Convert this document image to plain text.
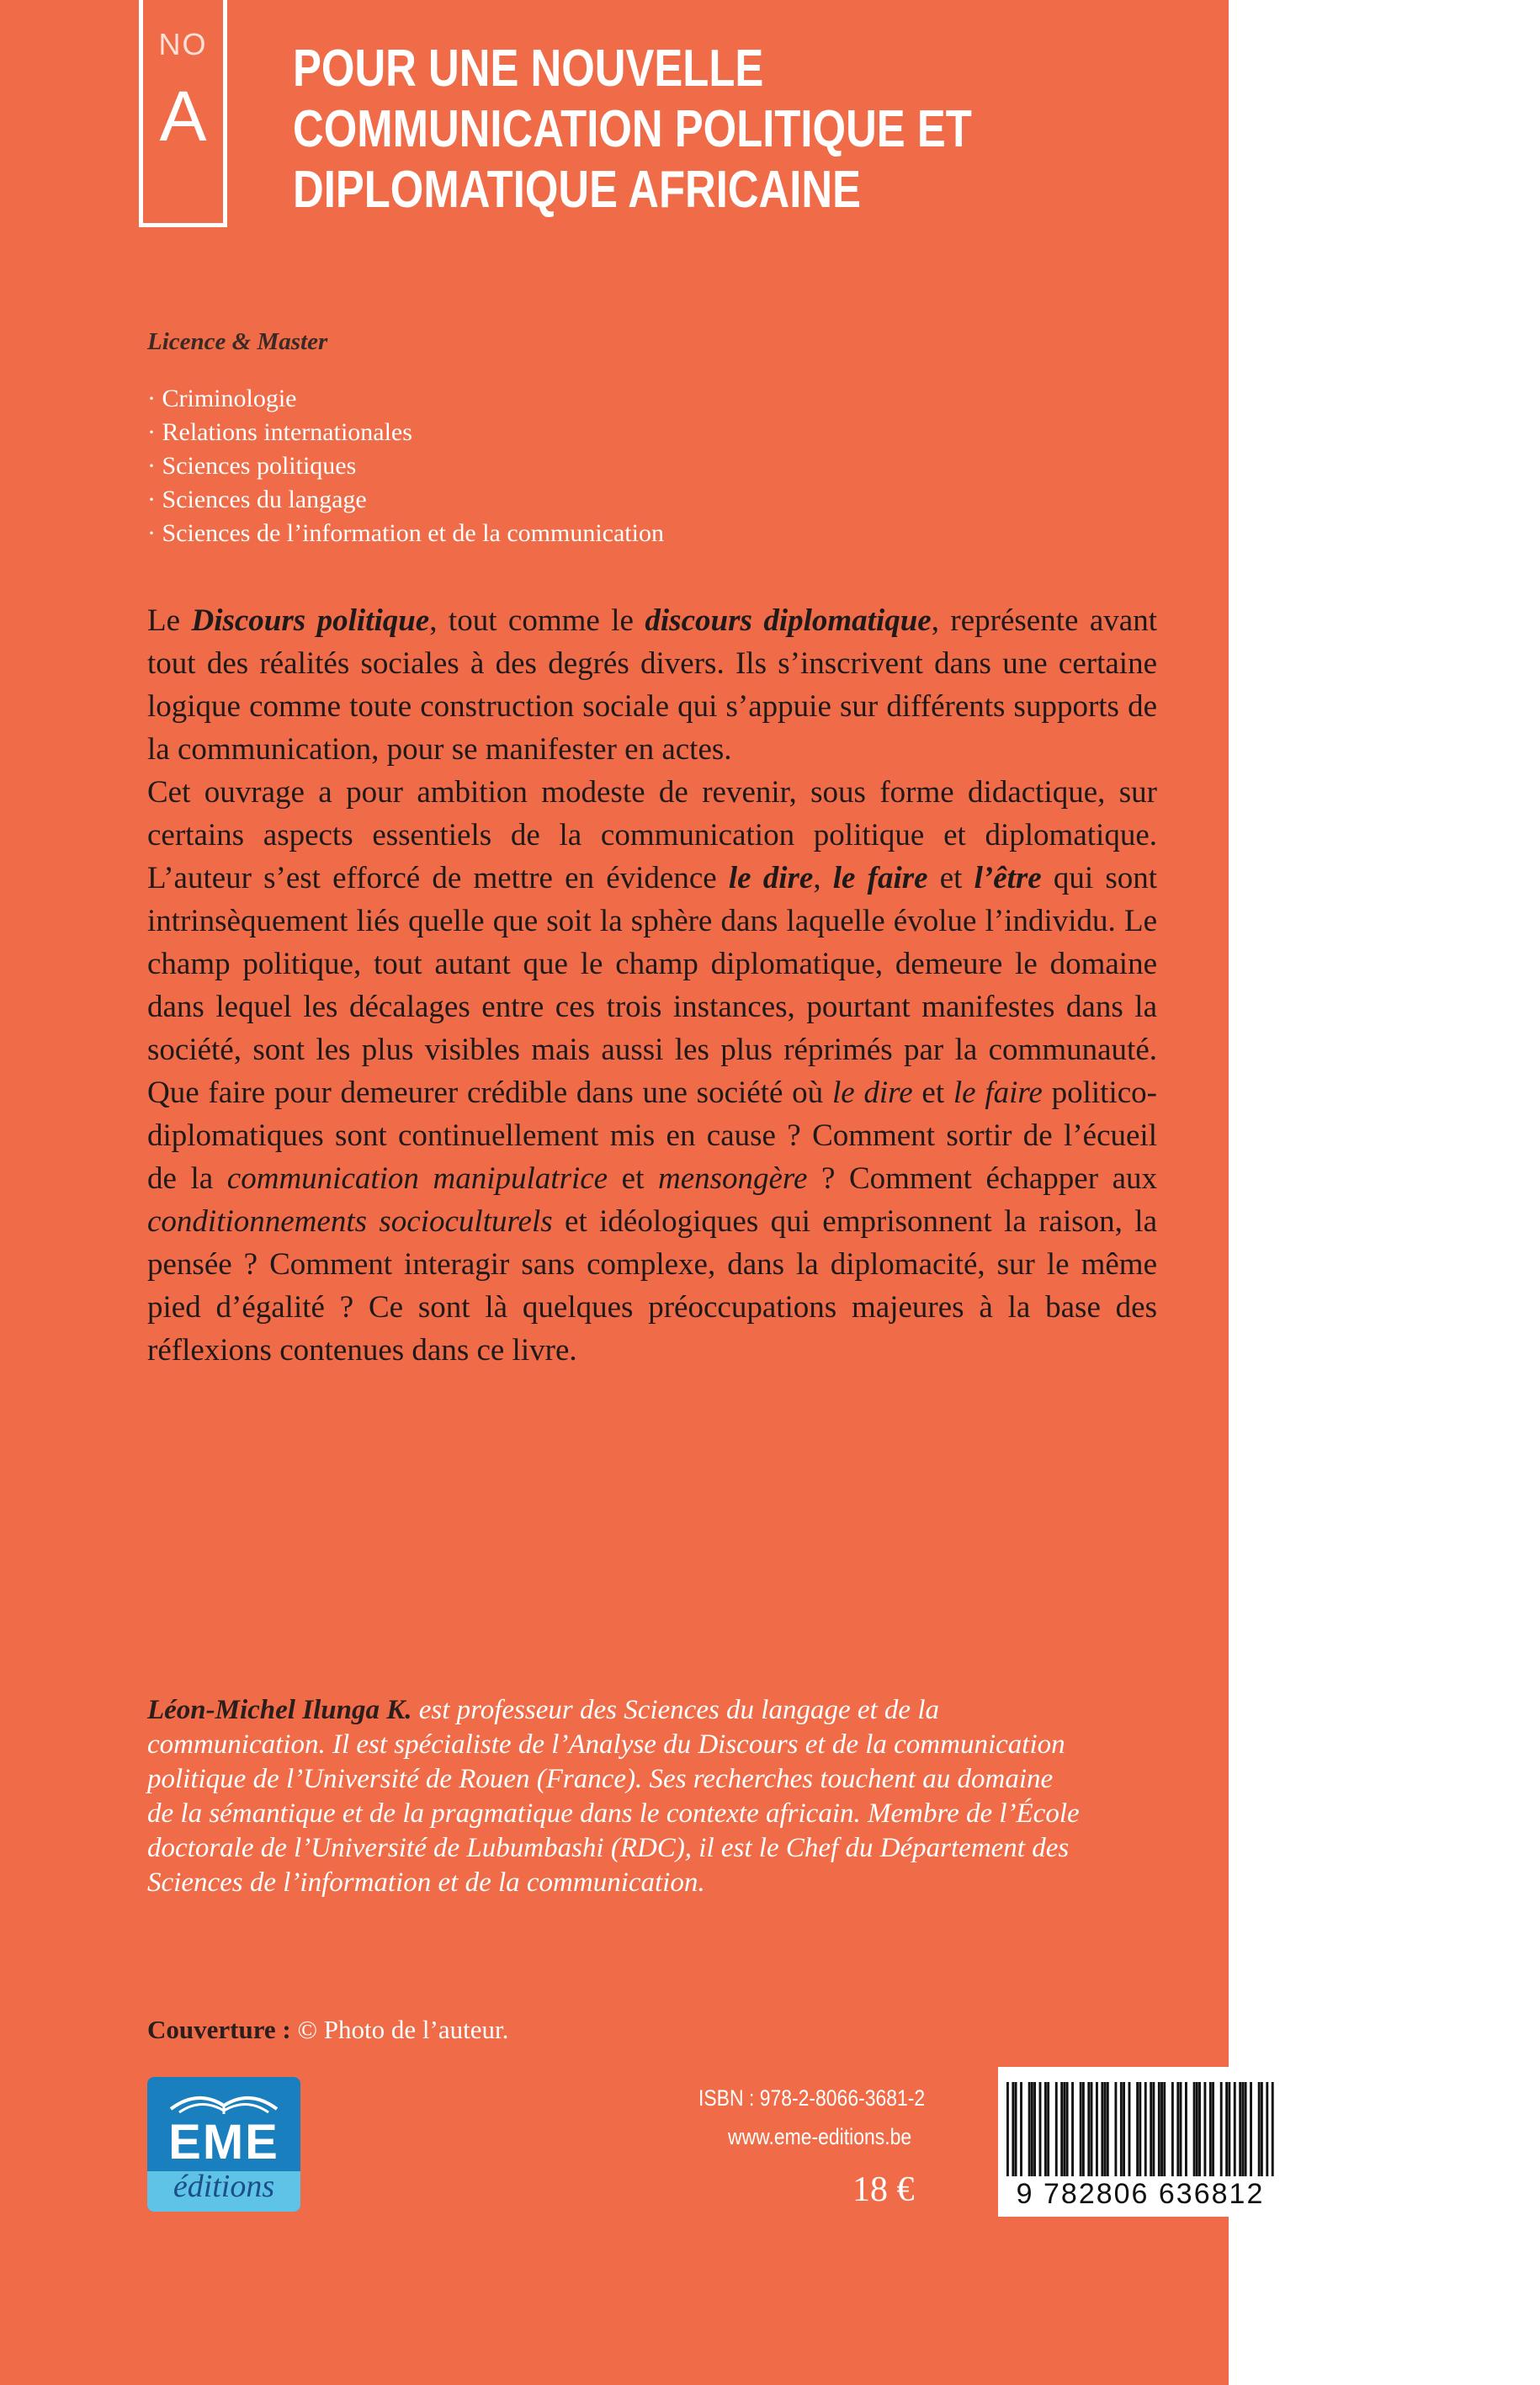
NO
A
POUR UNE NOUVELLE
COMMUNICATION POLITIQUE ET
DIPLOMATIQUE AFRICAINE
Licence & Master
· Criminologie
· Relations internationales
· Sciences politiques
· Sciences du langage
· Sciences de l’information et de la communication

Le Discours politique, tout comme le discours diplomatique, représente avant tout des réalités sociales à des degrés divers. Ils s’inscrivent dans une certaine logique comme toute construction sociale qui s’appuie sur différents supports de la communication, pour se manifester en actes.

Cet ouvrage a pour ambition modeste de revenir, sous forme didactique, sur certains aspects essentiels de la communication politique et diplomatique. L’auteur s’est efforcé de mettre en évidence le dire, le faire et l’être qui sont intrinsèquement liés quelle que soit la sphère dans laquelle évolue l’individu. Le champ politique, tout autant que le champ diplomatique, demeure le domaine dans lequel les décalages entre ces trois instances, pourtant manifestes dans la société, sont les plus visibles mais aussi les plus réprimés par la communauté. Que faire pour demeurer crédible dans une société où le dire et le faire politico-diplomatiques sont continuellement mis en cause ? Comment sortir de l’écueil de la communication manipulatrice et mensongère ? Comment échapper aux conditionnements socioculturels et idéologiques qui emprisonnent la raison, la pensée ? Comment interagir sans complexe, dans la diplomacité, sur le même pied d’égalité ? Ce sont là quelques préoccupations majeures à la base des réflexions contenues dans ce livre.

Léon-Michel Ilunga K. est professeur des Sciences du langage et de la communication. Il est spécialiste de l’Analyse du Discours et de la communication politique de l’Université de Rouen (France). Ses recherches touchent au domaine de la sémantique et de la pragmatique dans le contexte africain. Membre de l’École doctorale de l’Université de Lubumbashi (RDC), il est le Chef du Département des Sciences de l’information et de la communication.
Couverture : © Photo de l’auteur.
EME
éditions
ISBN : 978-2-8066-3681-2
www.eme-editions.be
18 €	9 782806 636812
